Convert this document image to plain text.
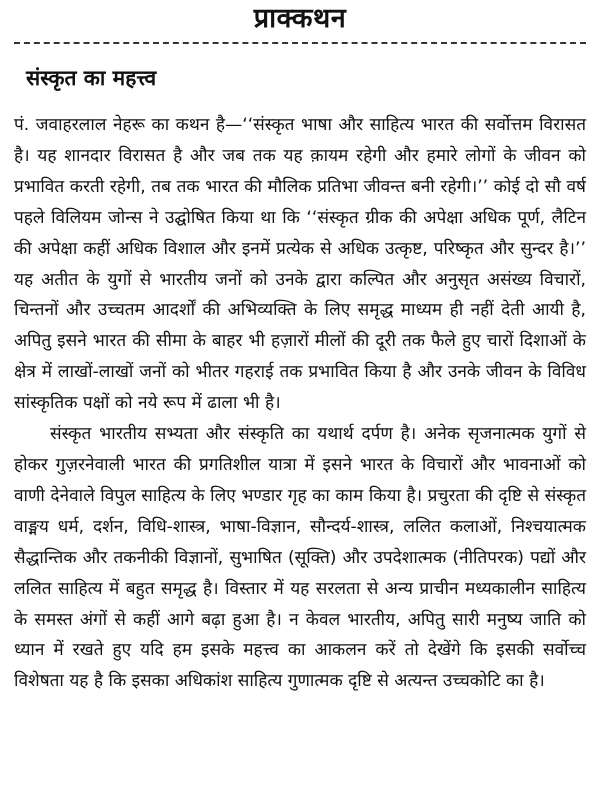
प्राक्कथन
संस्कृत का महत्त्व

पं. जवाहरलाल नेहरू का कथन है—‘‘संस्कृत भाषा और साहित्य भारत की सर्वोत्तम विरासत है। यह शानदार विरासत है और जब तक यह क़ायम रहेगी और हमारे लोगों के जीवन को प्रभावित करती रहेगी, तब तक भारत की मौलिक प्रतिभा जीवन्त बनी रहेगी।’’ कोई दो सौ वर्ष पहले विलियम जोन्स ने उद्घोषित किया था कि ‘‘संस्कृत ग्रीक की अपेक्षा अधिक पूर्ण, लैटिन की अपेक्षा कहीं अधिक विशाल और इनमें प्रत्येक से अधिक उत्कृष्ट, परिष्कृत और सुन्दर है।’’ यह अतीत के युगों से भारतीय जनों को उनके द्वारा कल्पित और अनुसृत असंख्य विचारों, चिन्तनों और उच्चतम आदर्शों की अभिव्यक्ति के लिए समृद्ध माध्यम ही नहीं देती आयी है, अपितु इसने भारत की सीमा के बाहर भी हज़ारों मीलों की दूरी तक फैले हुए चारों दिशाओं के क्षेत्र में लाखों-लाखों जनों को भीतर गहराई तक प्रभावित किया है और उनके जीवन के विविध सांस्कृतिक पक्षों को नये रूप में ढाला भी है।

संस्कृत भारतीय सभ्यता और संस्कृति का यथार्थ दर्पण है। अनेक सृजनात्मक युगों से होकर गुज़रनेवाली भारत की प्रगतिशील यात्रा में इसने भारत के विचारों और भावनाओं को वाणी देनेवाले विपुल साहित्य के लिए भण्डार गृह का काम किया है। प्रचुरता की दृष्टि से संस्कृत वाङ्मय धर्म, दर्शन, विधि-शास्त्र, भाषा-विज्ञान, सौन्दर्य-शास्त्र, ललित कलाओं, निश्चयात्मक सैद्धान्तिक और तकनीकी विज्ञानों, सुभाषित (सूक्ति) और उपदेशात्मक (नीतिपरक) पद्यों और ललित साहित्य में बहुत समृद्ध है। विस्तार में यह सरलता से अन्य प्राचीन मध्यकालीन साहित्य के समस्त अंगों से कहीं आगे बढ़ा हुआ है। न केवल भारतीय, अपितु सारी मनुष्य जाति को ध्यान में रखते हुए यदि हम इसके महत्त्व का आकलन करें तो देखेंगे कि इसकी सर्वोच्च विशेषता यह है कि इसका अधिकांश साहित्य गुणात्मक दृष्टि से अत्यन्त उच्चकोटि का है।
